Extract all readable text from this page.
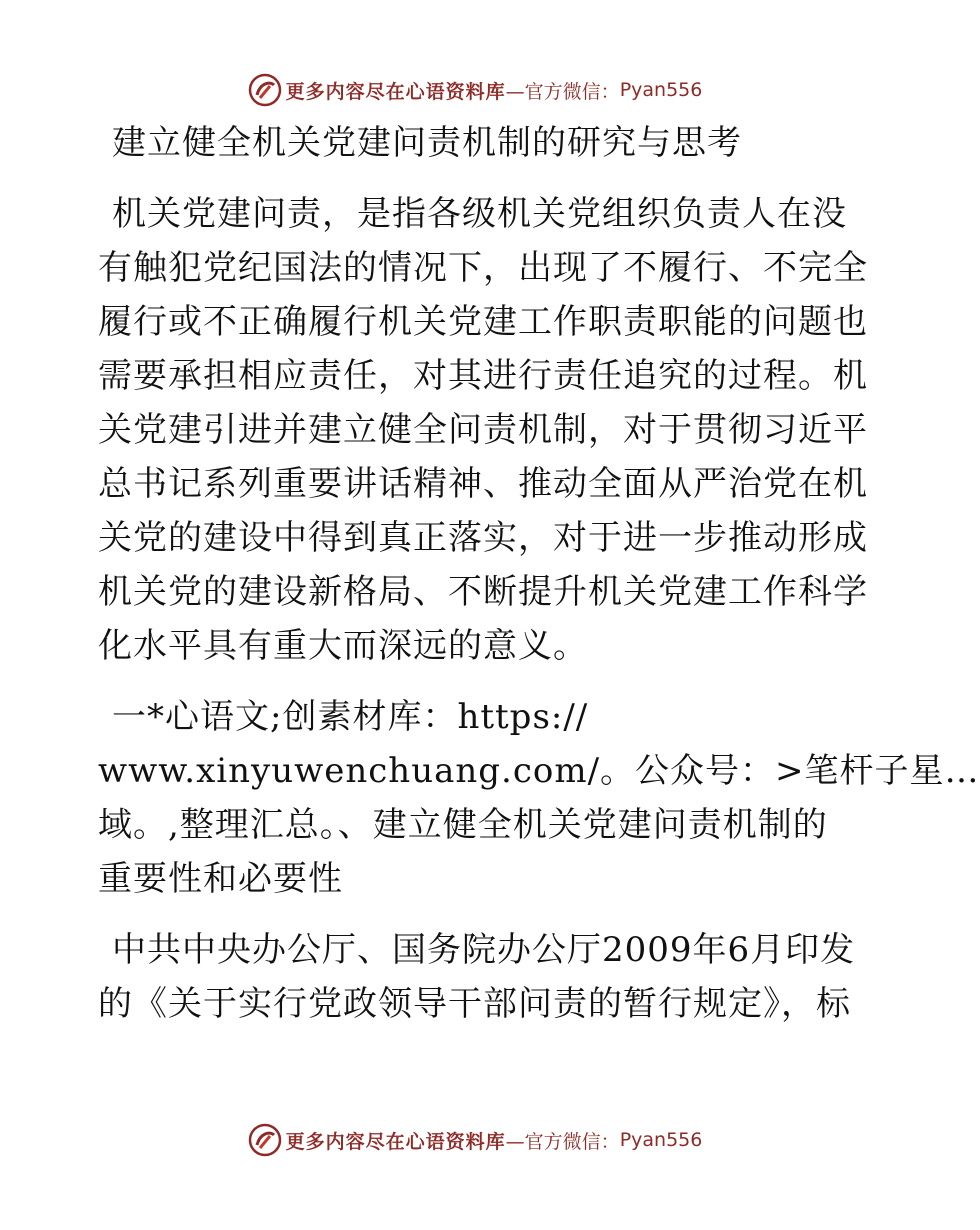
更多内容尽在心语资料库 —官方微信： Pyan556
建立健全机关党建问责机制的研究与思考
机关党建问责，是指各级机关党组织负责人在没
有触犯党纪国法的情况下，出现了不履行、不完全
履行或不正确履行机关党建工作职责职能的问题也
需要承担相应责任，对其进行责任追究的过程。机
关党建引进并建立健全问责机制，对于贯彻习近平
总书记系列重要讲话精神、推动全面从严治党在机
关党的建设中得到真正落实，对于进一步推动形成
机关党的建设新格局、不断提升机关党建工作科学
化水平具有重大而深远的意义。
一*心语文;创素材库：https://
www.xinyuwenchuang.com/。公众号：>笔杆子星…
域。,整理汇总。、建立健全机关党建问责机制的
重要性和必要性
中共中央办公厅、国务院办公厅2009年6月印发
的《关于实行党政领导干部问责的暂行规定》，标
更多内容尽在心语资料库 —官方微信： Pyan556
